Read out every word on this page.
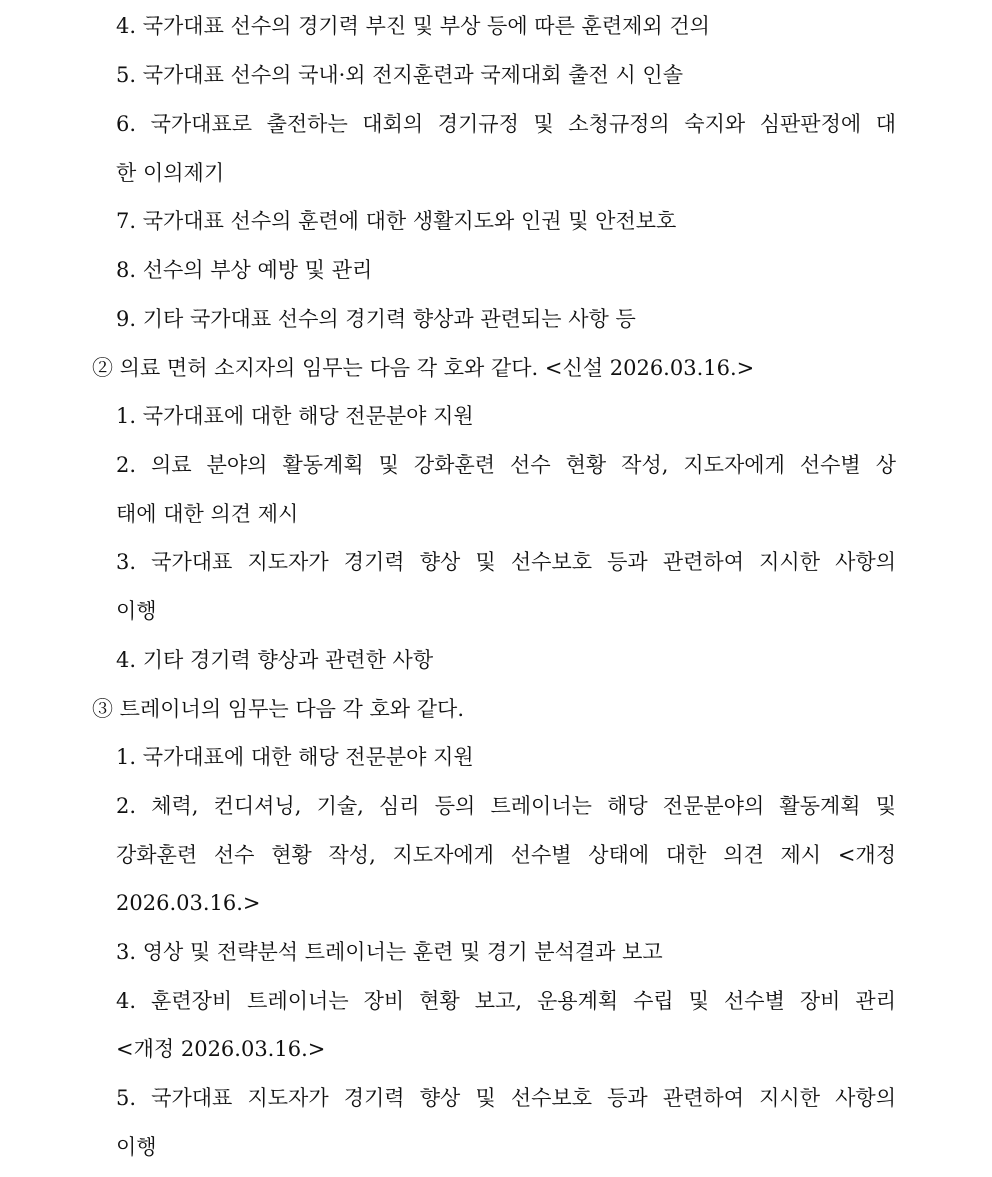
4. 국가대표 선수의 경기력 부진 및 부상 등에 따른 훈련제외 건의
5. 국가대표 선수의 국내·외 전지훈련과 국제대회 출전 시 인솔
6. 국가대표로 출전하는 대회의 경기규정 및 소청규정의 숙지와 심판판정에 대
한 이의제기
7. 국가대표 선수의 훈련에 대한 생활지도와 인권 및 안전보호
8. 선수의 부상 예방 및 관리
9. 기타 국가대표 선수의 경기력 향상과 관련되는 사항 등
② 의료 면허 소지자의 임무는 다음 각 호와 같다. <신설 2026.03.16.>
1. 국가대표에 대한 해당 전문분야 지원
2. 의료 분야의 활동계획 및 강화훈련 선수 현황 작성, 지도자에게 선수별 상
태에 대한 의견 제시
3. 국가대표 지도자가 경기력 향상 및 선수보호 등과 관련하여 지시한 사항의
이행
4. 기타 경기력 향상과 관련한 사항
③ 트레이너의 임무는 다음 각 호와 같다.
1. 국가대표에 대한 해당 전문분야 지원
2. 체력, 컨디셔닝, 기술, 심리 등의 트레이너는 해당 전문분야의 활동계획 및
강화훈련 선수 현황 작성, 지도자에게 선수별 상태에 대한 의견 제시 <개정
2026.03.16.>
3. 영상 및 전략분석 트레이너는 훈련 및 경기 분석결과 보고
4. 훈련장비 트레이너는 장비 현황 보고, 운용계획 수립 및 선수별 장비 관리
<개정 2026.03.16.>
5. 국가대표 지도자가 경기력 향상 및 선수보호 등과 관련하여 지시한 사항의
이행
